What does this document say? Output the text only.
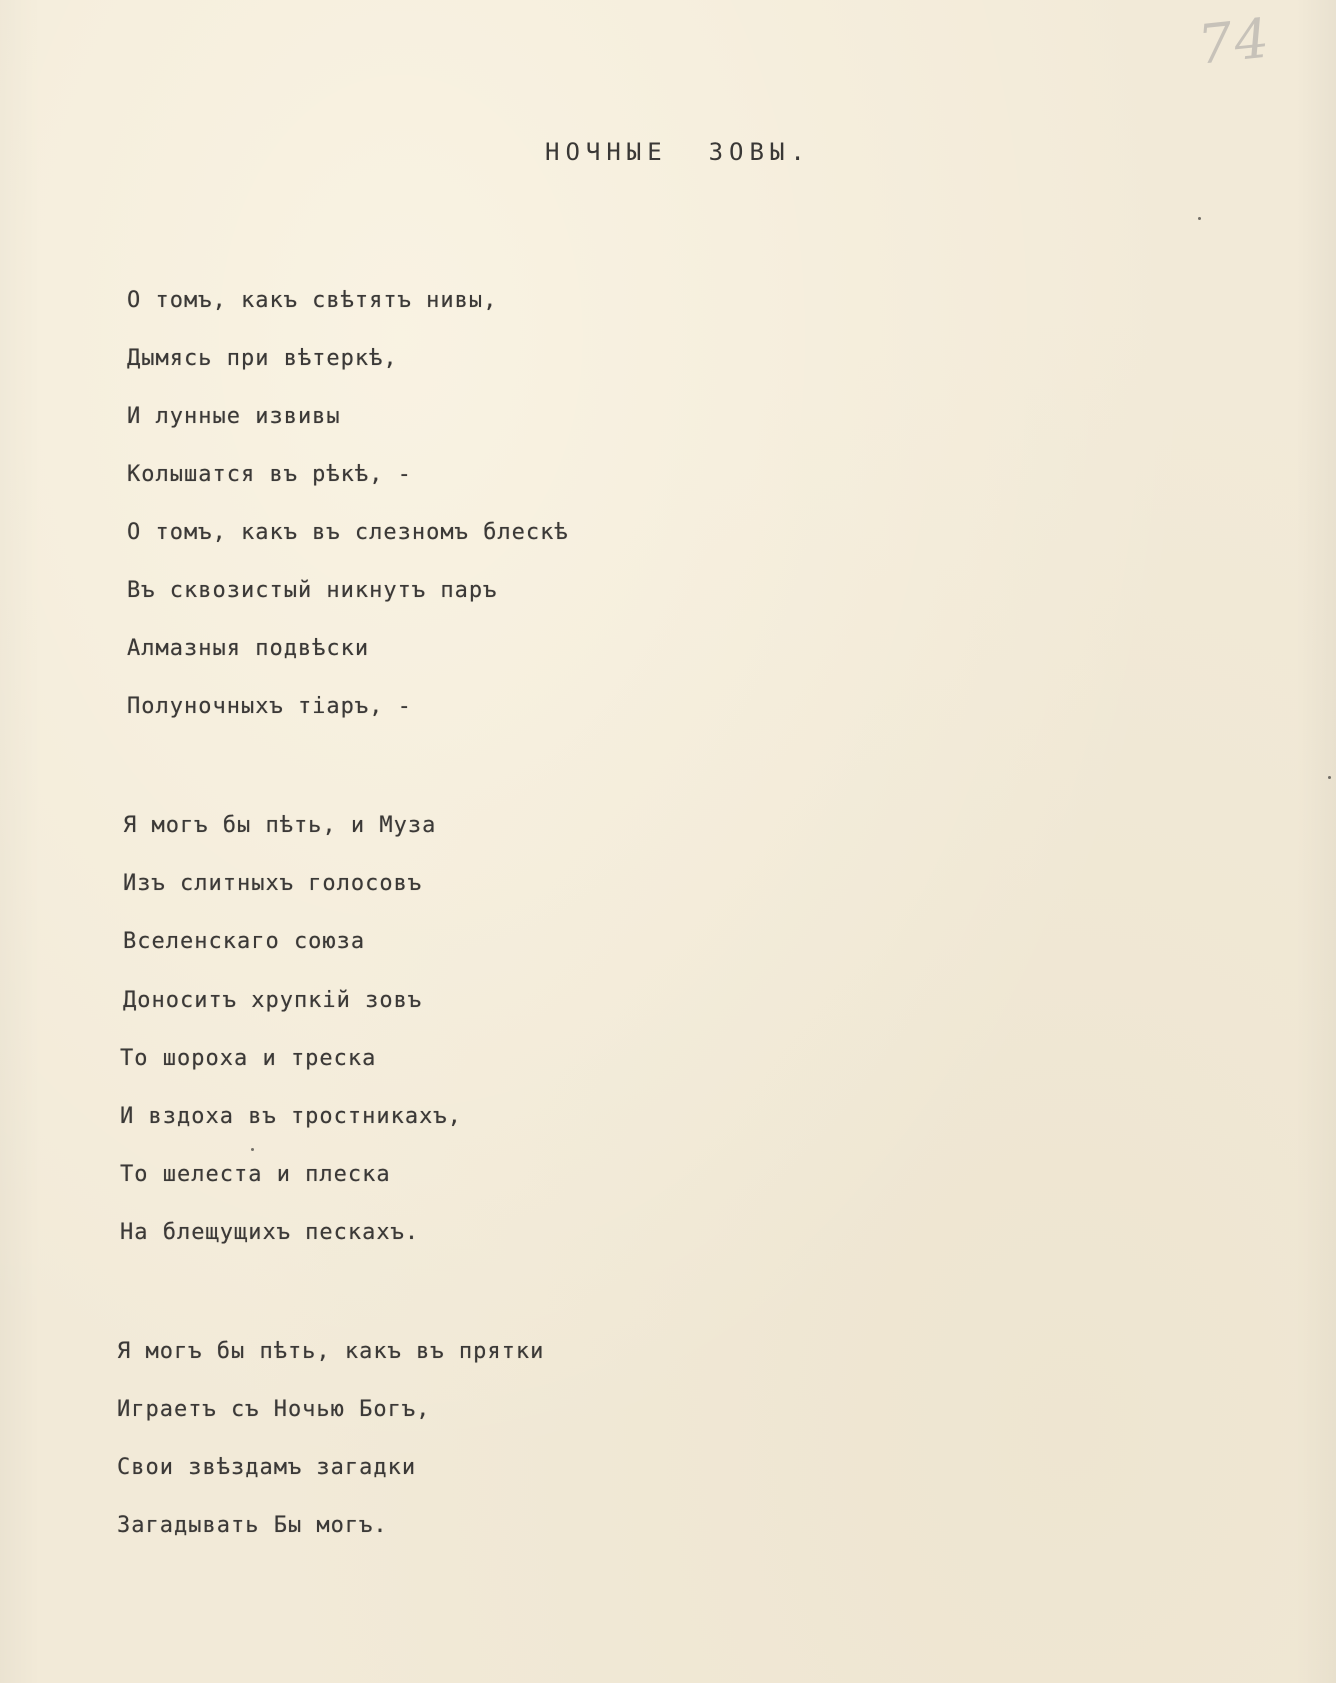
74
НОЧНЫЕ  ЗОВЫ.
О томъ, какъ свѣтятъ нивы,
Дымясь при вѣтеркѣ,
И лунные извивы
Колышатся въ рѣкѣ, -
О томъ, какъ въ слезномъ блескѣ
Въ сквозистый никнутъ паръ
Алмазныя подвѣски
Полуночныхъ тiаръ, -
Я могъ бы пѣть, и Муза
Изъ слитныхъ голосовъ
Вселенскаго союза
Доноситъ хрупкiй зовъ
То шороха и треска
И вздоха въ тростникахъ,
То шелеста и плеска
На блещущихъ пескахъ.
Я могъ бы пѣть, какъ въ прятки
Играетъ съ Ночью Богъ,
Свои звѣздамъ загадки
Загадывать Бы могъ.
